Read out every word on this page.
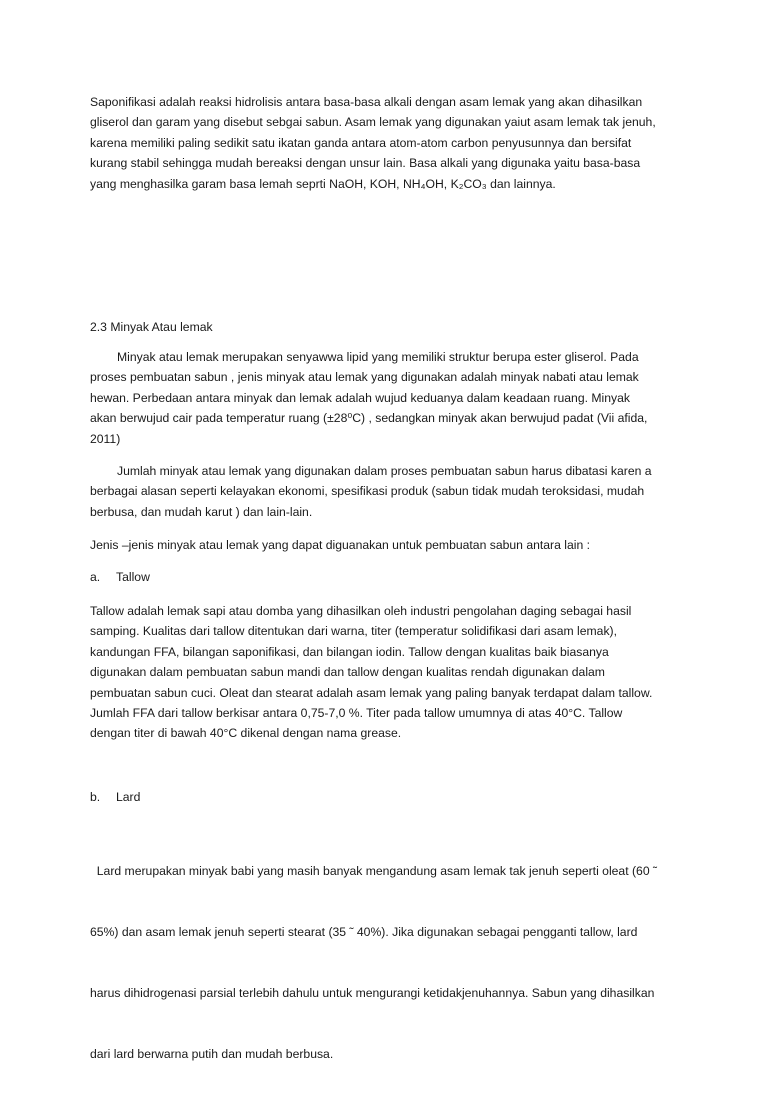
Saponifikasi adalah reaksi hidrolisis antara basa-basa alkali dengan asam lemak yang akan dihasilkan
gliserol dan garam yang disebut sebgai sabun. Asam lemak yang digunakan yaiut asam lemak tak jenuh,
karena memiliki paling sedikit satu ikatan ganda antara atom-atom carbon penyusunnya dan bersifat
kurang stabil sehingga mudah bereaksi dengan unsur lain. Basa alkali yang digunaka yaitu basa-basa
yang menghasilka garam basa lemah seprti NaOH, KOH, NH₄OH, K₂CO₃ dan lainnya.

2.3 Minyak Atau lemak

Minyak atau lemak merupakan senyawwa lipid yang memiliki struktur berupa ester gliserol. Pada
proses pembuatan sabun , jenis minyak atau lemak yang digunakan adalah minyak nabati atau lemak
hewan. Perbedaan antara minyak dan lemak adalah wujud keduanya dalam keadaan ruang. Minyak
akan berwujud cair pada temperatur ruang (±28⁰C) , sedangkan minyak akan berwujud padat (Vii afida,
2011)

Jumlah minyak atau lemak yang digunakan dalam proses pembuatan sabun harus dibatasi karen a
berbagai alasan seperti kelayakan ekonomi, spesifikasi produk (sabun tidak mudah teroksidasi, mudah
berbusa, dan mudah karut ) dan lain-lain.

Jenis –jenis minyak atau lemak yang dapat diguanakan untuk pembuatan sabun antara lain :

a. Tallow

Tallow adalah lemak sapi atau domba yang dihasilkan oleh industri pengolahan daging sebagai hasil
samping. Kualitas dari tallow ditentukan dari warna, titer (temperatur solidifikasi dari asam lemak),
kandungan FFA, bilangan saponifikasi, dan bilangan iodin. Tallow dengan kualitas baik biasanya
digunakan dalam pembuatan sabun mandi dan tallow dengan kualitas rendah digunakan dalam
pembuatan sabun cuci. Oleat dan stearat adalah asam lemak yang paling banyak terdapat dalam tallow.
Jumlah FFA dari tallow berkisar antara 0,75-7,0 %. Titer pada tallow umumnya di atas 40°C. Tallow
dengan titer di bawah 40°C dikenal dengan nama grease.

b. Lard

Lard merupakan minyak babi yang masih banyak mengandung asam lemak tak jenuh seperti oleat (60 ˜

65%) dan asam lemak jenuh seperti stearat (35 ˜ 40%). Jika digunakan sebagai pengganti tallow, lard

harus dihidrogenasi parsial terlebih dahulu untuk mengurangi ketidakjenuhannya. Sabun yang dihasilkan

dari lard berwarna putih dan mudah berbusa.
